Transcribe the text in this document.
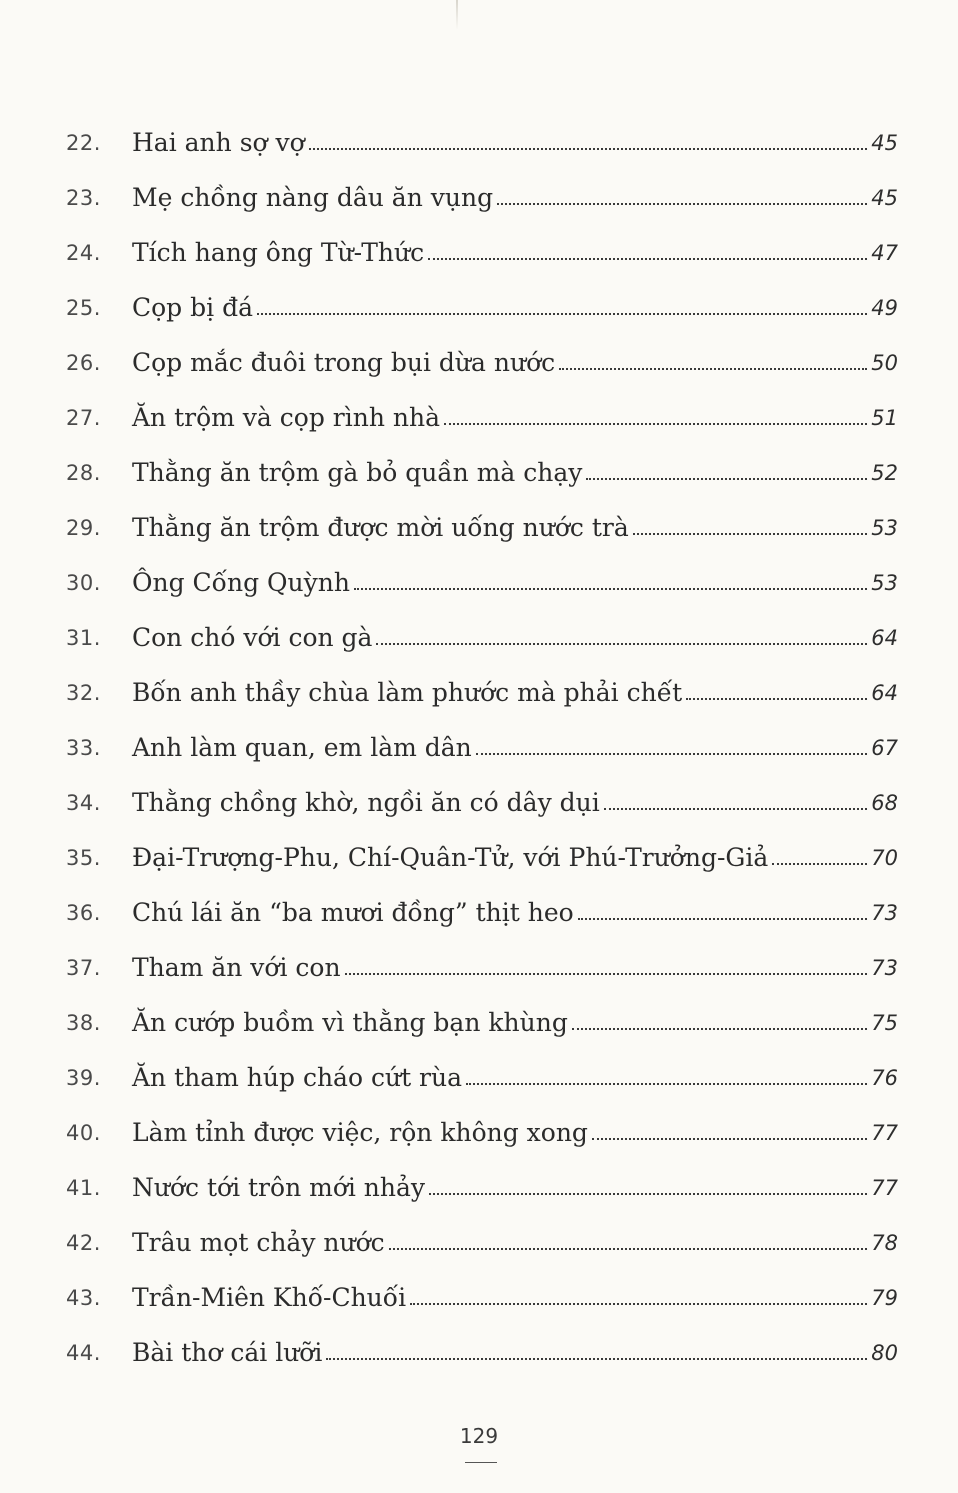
22.	Hai anh sợ vợ	45
23.	Mẹ chồng nàng dâu ăn vụng	45
24.	Tích hang ông Từ-Thức	47
25.	Cọp bị đá	49
26.	Cọp mắc đuôi trong bụi dừa nước	50
27.	Ăn trộm và cọp rình nhà	51
28.	Thằng ăn trộm gà bỏ quần mà chạy	52
29.	Thằng ăn trộm được mời uống nước trà	53
30.	Ông Cống Quỳnh	53
31.	Con chó với con gà	64
32.	Bốn anh thầy chùa làm phước mà phải chết	64
33.	Anh làm quan, em làm dân	67
34.	Thằng chồng khờ, ngồi ăn có dây dụi	68
35.	Đại-Trượng-Phu, Chí-Quân-Tử, với Phú-Trưởng-Giả	70
36.	Chú lái ăn “ba mươi đồng” thịt heo	73
37.	Tham ăn với con	73
38.	Ăn cướp buồm vì thằng bạn khùng	75
39.	Ăn tham húp cháo cứt rùa	76
40.	Làm tỉnh được việc, rộn không xong	77
41.	Nước tới trôn mới nhảy	77
42.	Trâu mọt chảy nước	78
43.	Trần-Miên Khố-Chuối	79
44.	Bài thơ cái lưỡi	80
129
